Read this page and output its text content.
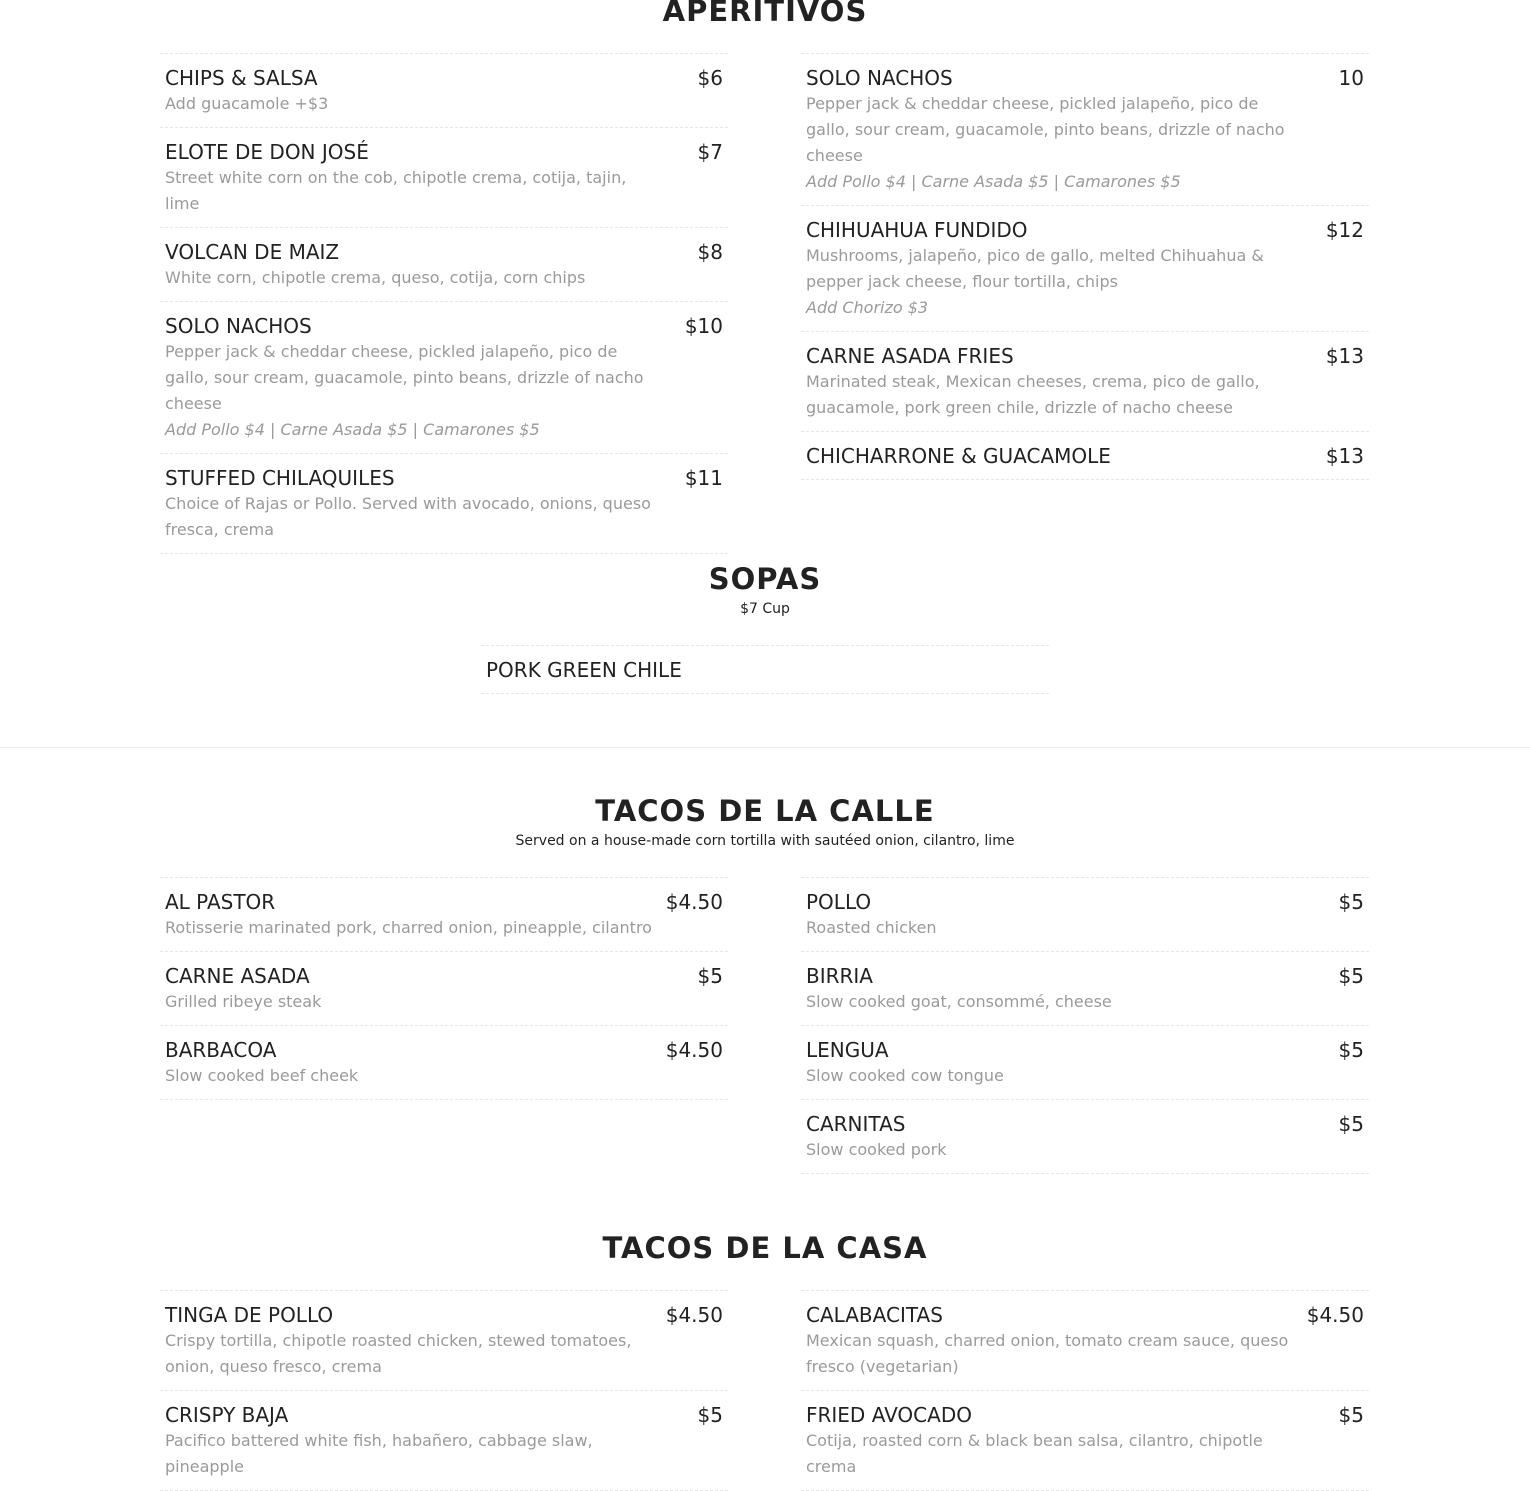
APERITIVOS
CHIPS & SALSA	$6
Add guacamole +$3
ELOTE DE DON JOSÉ	$7
Street white corn on the cob, chipotle crema, cotija, tajin, lime
VOLCAN DE MAIZ	$8
White corn, chipotle crema, queso, cotija, corn chips
SOLO NACHOS	$10
Pepper jack & cheddar cheese, pickled jalapeño, pico de gallo, sour cream, guacamole, pinto beans, drizzle of nacho cheese
Add Pollo $4 | Carne Asada $5 | Camarones $5
STUFFED CHILAQUILES	$11
Choice of Rajas or Pollo. Served with avocado, onions, queso fresca, crema
SOLO NACHOS	10
Pepper jack & cheddar cheese, pickled jalapeño, pico de gallo, sour cream, guacamole, pinto beans, drizzle of nacho cheese
Add Pollo $4 | Carne Asada $5 | Camarones $5
CHIHUAHUA FUNDIDO	$12
Mushrooms, jalapeño, pico de gallo, melted Chihuahua & pepper jack cheese, flour tortilla, chips
Add Chorizo $3
CARNE ASADA FRIES	$13
Marinated steak, Mexican cheeses, crema, pico de gallo, guacamole, pork green chile, drizzle of nacho cheese
CHICHARRONE & GUACAMOLE	$13
SOPAS
$7 Cup
PORK GREEN CHILE
TACOS DE LA CALLE
Served on a house-made corn tortilla with sautéed onion, cilantro, lime
AL PASTOR	$4.50
Rotisserie marinated pork, charred onion, pineapple, cilantro
CARNE ASADA	$5
Grilled ribeye steak
BARBACOA	$4.50
Slow cooked beef cheek
POLLO	$5
Roasted chicken
BIRRIA	$5
Slow cooked goat, consommé, cheese
LENGUA	$5
Slow cooked cow tongue
CARNITAS	$5
Slow cooked pork
TACOS DE LA CASA
TINGA DE POLLO	$4.50
Crispy tortilla, chipotle roasted chicken, stewed tomatoes, onion, queso fresco, crema
CRISPY BAJA	$5
Pacifico battered white fish, habañero, cabbage slaw, pineapple
CALABACITAS	$4.50
Mexican squash, charred onion, tomato cream sauce, queso fresco (vegetarian)
FRIED AVOCADO	$5
Cotija, roasted corn & black bean salsa, cilantro, chipotle crema
